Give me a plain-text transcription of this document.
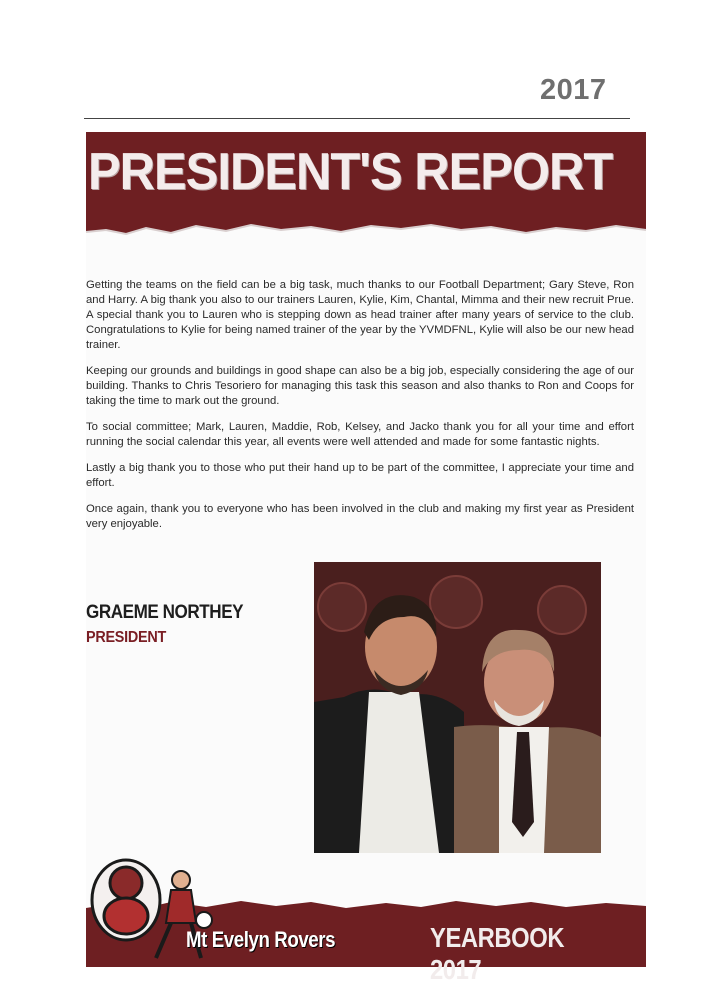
2017
PRESIDENT'S REPORT

Getting the teams on the field can be a big task, much thanks to our Football Department; Gary Steve, Ron and Harry. A big thank you also to our trainers Lauren, Kylie, Kim, Chantal, Mimma and their new recruit Prue. A special thank you to Lauren who is stepping down as head trainer after many years of service to the club. Congratulations to Kylie for being named trainer of the year by the YVMDFNL, Kylie will also be our new head trainer.

Keeping our grounds and buildings in good shape can also be a big job, especially considering the age of our building. Thanks to Chris Tesoriero for managing this task this season and also thanks to Ron and Coops for taking the time to mark out the ground.

To social committee; Mark, Lauren, Maddie, Rob, Kelsey, and Jacko thank you for all your time and effort running the social calendar this year, all events were well attended and made for some fantastic nights.

Lastly a big thank you to those who put their hand up to be part of the committee, I appreciate your time and effort.

Once again, thank you to everyone who has been involved in the club and making my first year as President very enjoyable.

GRAEME NORTHEY
PRESIDENT
Mt Evelyn Rovers	YEARBOOK 2017
